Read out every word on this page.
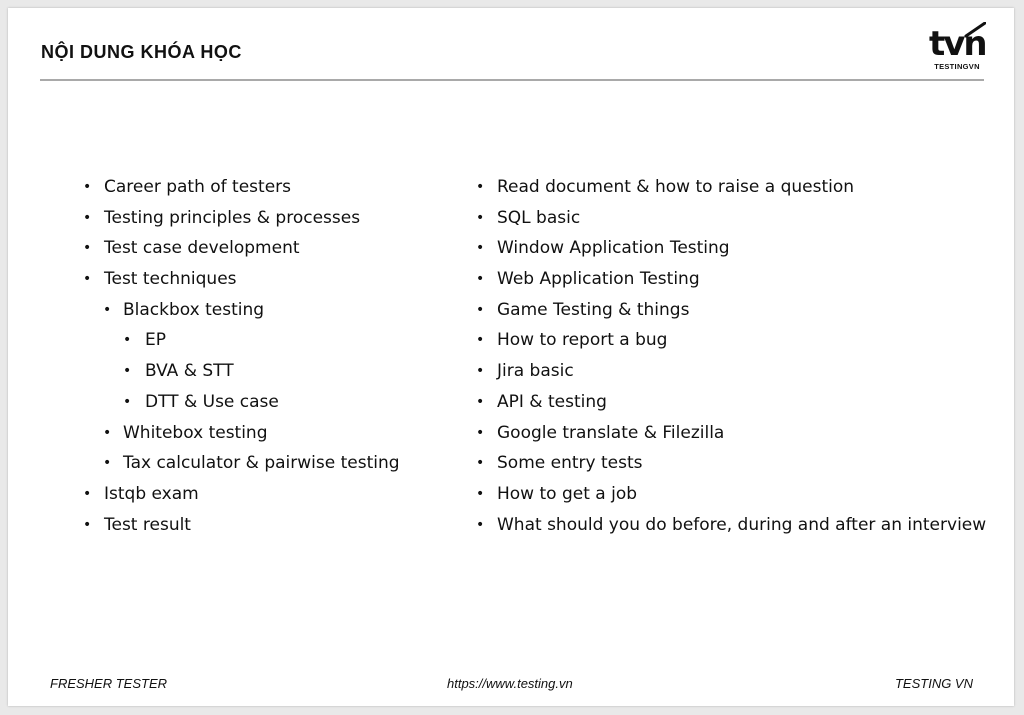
NỘI DUNG KHÓA HỌC	tvn
TESTINGVN
• Career path of testers
• Testing principles & processes
• Test case development
• Test techniques
• Blackbox testing
• EP
• BVA & STT
• DTT & Use case
• Whitebox testing
• Tax calculator & pairwise testing
• Istqb exam
• Test result
• Read document & how to raise a question
• SQL basic
• Window Application Testing
• Web Application Testing
• Game Testing & things
• How to report a bug
• Jira basic
• API & testing
• Google translate & Filezilla
• Some entry tests
• How to get a job
• What should you do before, during and after an interview
FRESHER TESTER	https://www.testing.vn	TESTING VN
